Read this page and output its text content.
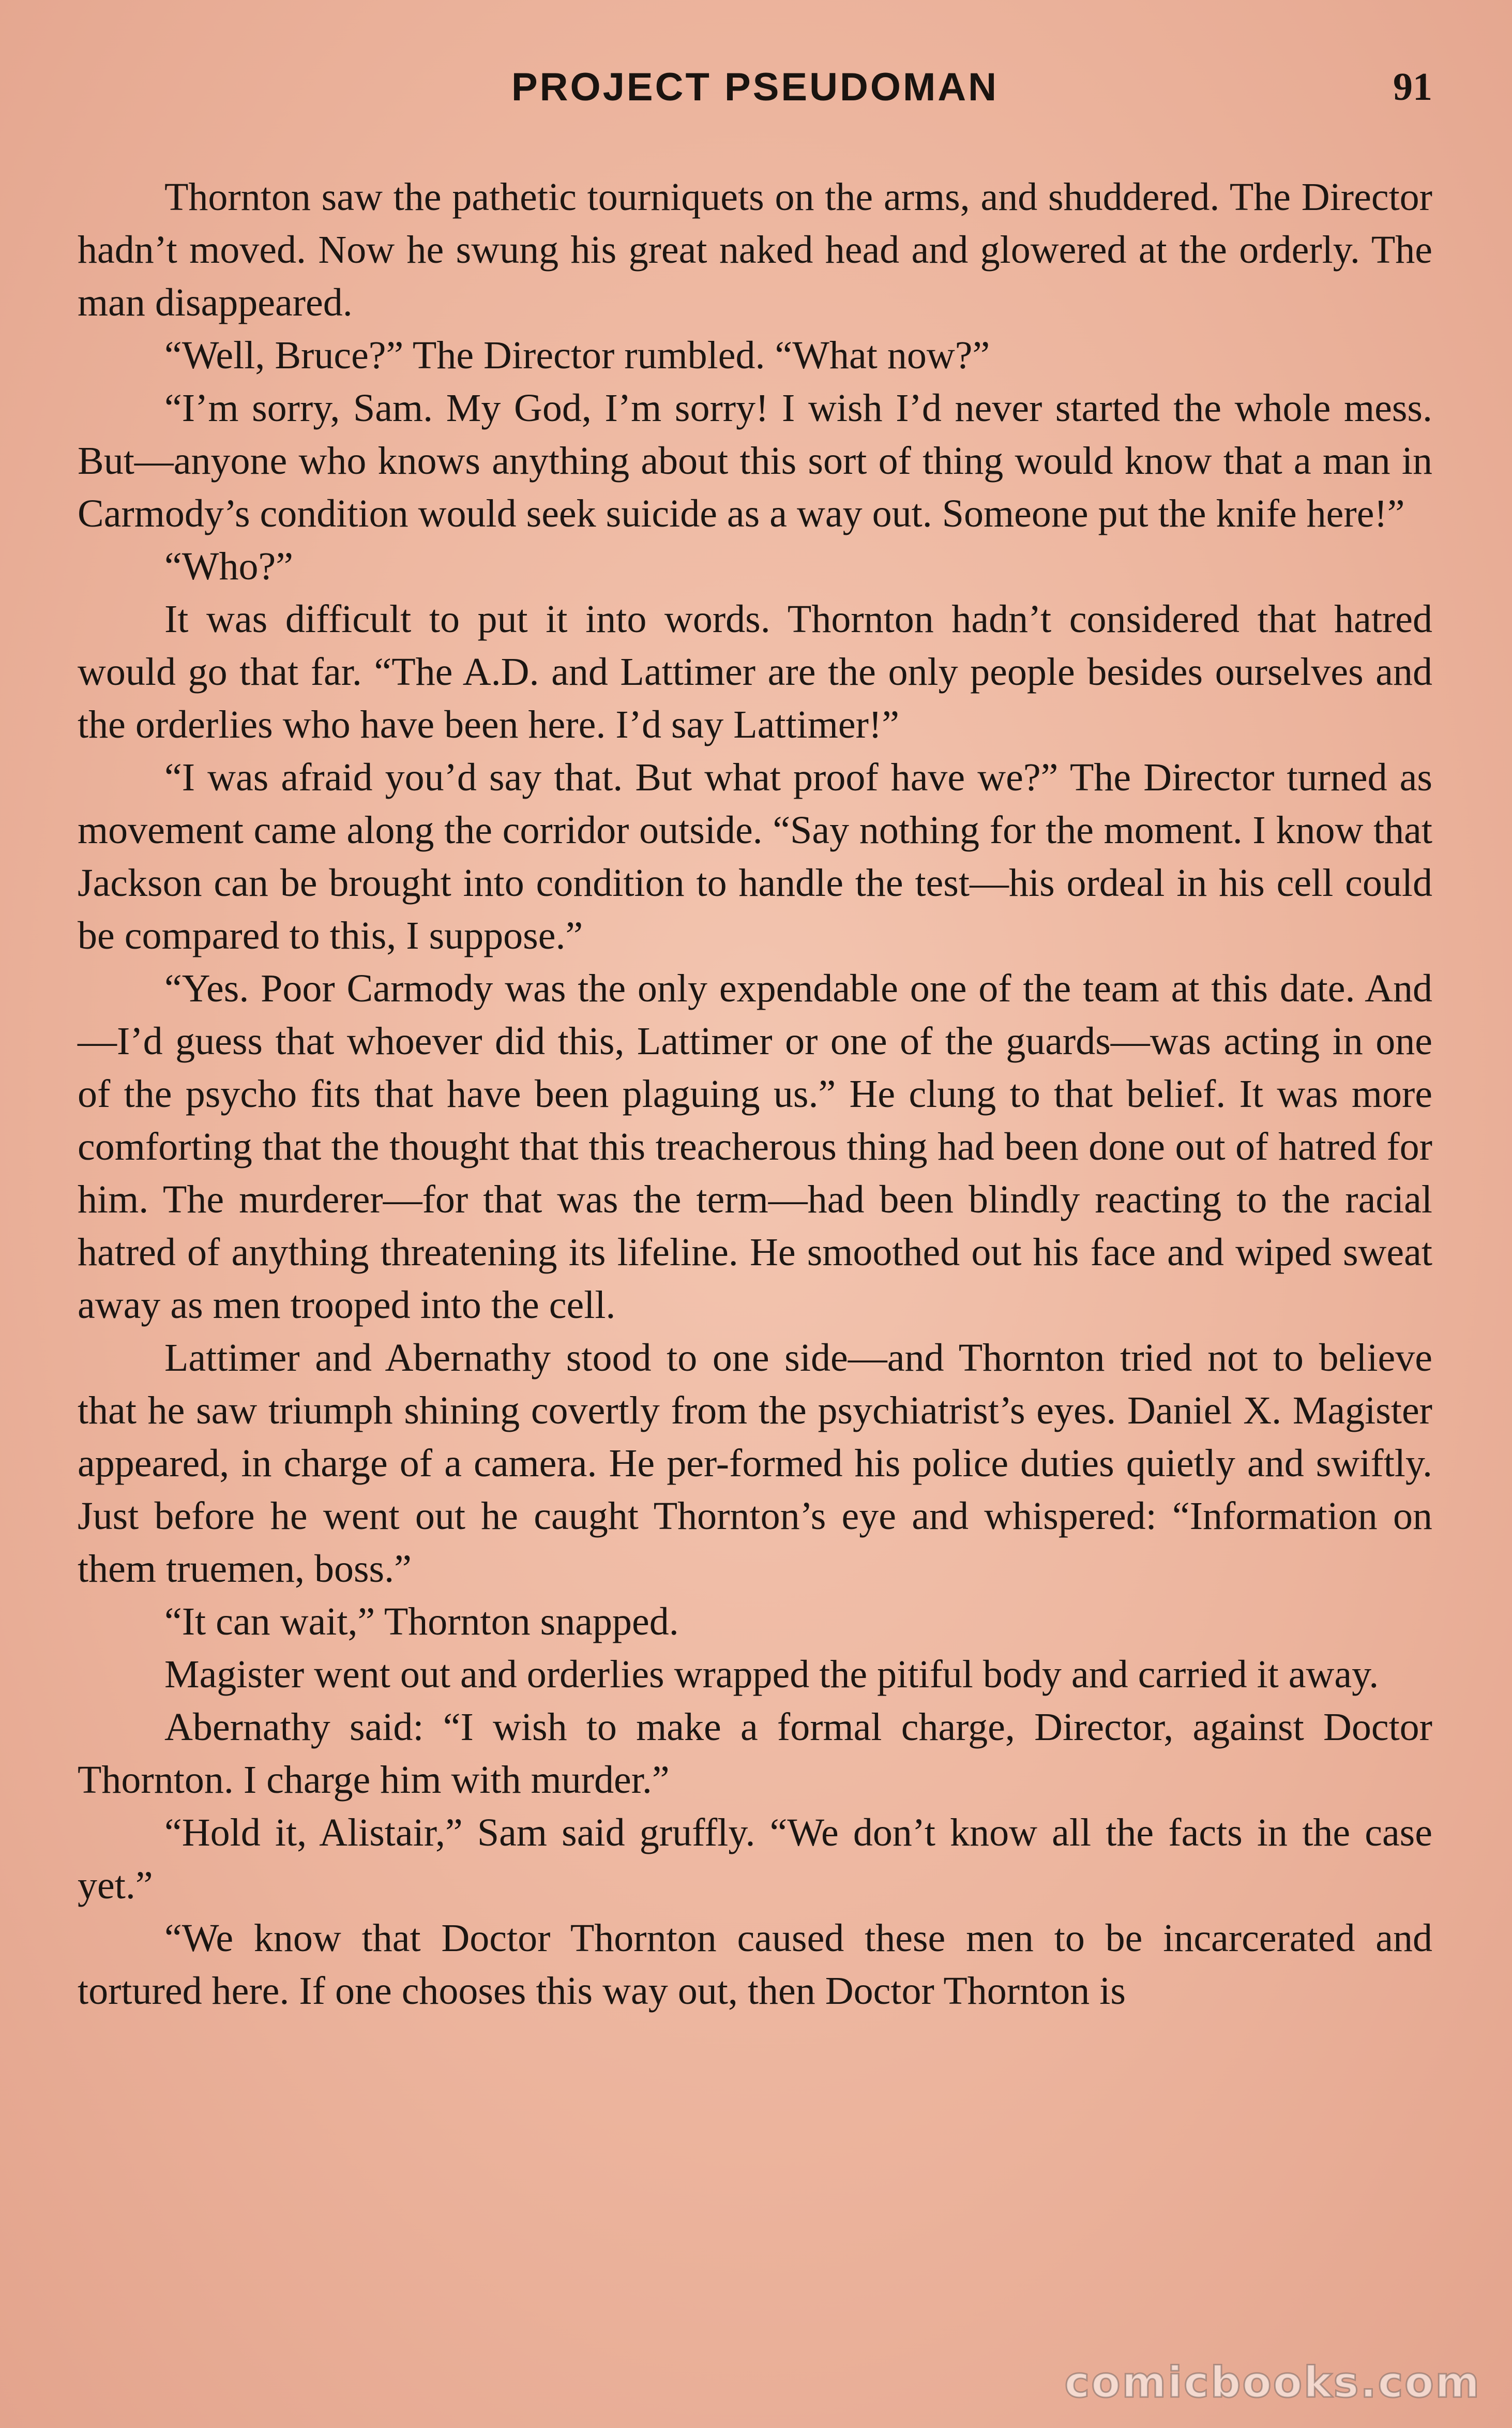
PROJECT PSEUDOMAN	91

Thornton saw the pathetic tourniquets on the arms, and shuddered. The Director hadn’t moved. Now he swung his great naked head and glowered at the orderly. The man disappeared.

“Well, Bruce?” The Director rumbled. “What now?”

“I’m sorry, Sam. My God, I’m sorry! I wish I’d never started the whole mess. But—anyone who knows anything about this sort of thing would know that a man in Carmody’s condition would seek suicide as a way out. Someone put the knife here!”

“Who?”

It was difficult to put it into words. Thornton hadn’t considered that hatred would go that far. “The A.D. and Lattimer are the only people besides ourselves and the orderlies who have been here. I’d say Lattimer!”

“I was afraid you’d say that. But what proof have we?” The Director turned as movement came along the corridor outside. “Say nothing for the moment. I know that Jackson can be brought into condition to handle the test—his ordeal in his cell could be compared to this, I suppose.”

“Yes. Poor Carmody was the only expendable one of the team at this date. And—I’d guess that whoever did this, Lattimer or one of the guards—was acting in one of the psycho fits that have been plaguing us.” He clung to that belief. It was more comforting that the thought that this treacherous thing had been done out of hatred for him. The murderer—for that was the term—had been blindly reacting to the racial hatred of anything threatening its lifeline. He smoothed out his face and wiped sweat away as men trooped into the cell.

Lattimer and Abernathy stood to one side—and Thornton tried not to believe that he saw triumph shining covertly from the psychiatrist’s eyes. Daniel X. Magister appeared, in charge of a camera. He per-formed his police duties quietly and swiftly. Just before he went out he caught Thornton’s eye and whispered: “Information on them truemen, boss.”

“It can wait,” Thornton snapped.

Magister went out and orderlies wrapped the pitiful body and carried it away.

Abernathy said: “I wish to make a formal charge, Director, against Doctor Thornton. I charge him with murder.”

“Hold it, Alistair,” Sam said gruffly. “We don’t know all the facts in the case yet.”

“We know that Doctor Thornton caused these men to be incarcerated and tortured here. If one chooses this way out, then Doctor Thornton is

comicbooks.com
